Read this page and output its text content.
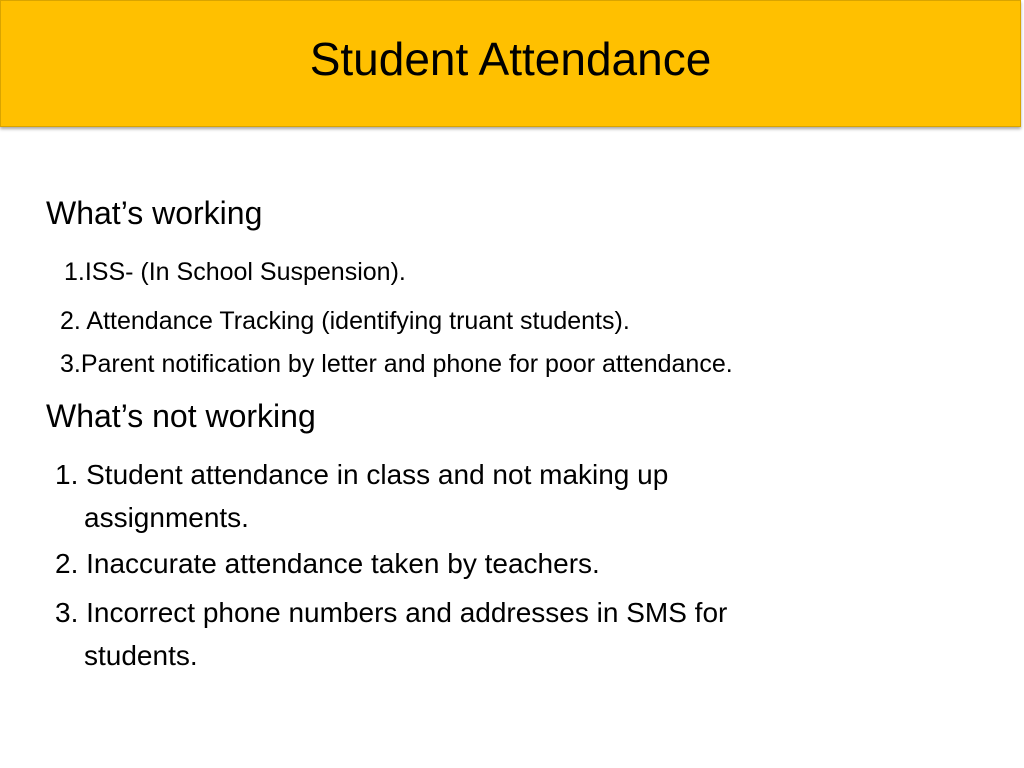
Student Attendance
What’s working
1.ISS- (In School Suspension).
2. Attendance Tracking (identifying truant students).
3.Parent notification by letter and phone for poor attendance.
What’s not working
1. Student attendance in class and not making up
assignments.
2. Inaccurate attendance taken by teachers.
3. Incorrect phone numbers and addresses in SMS for
students.
